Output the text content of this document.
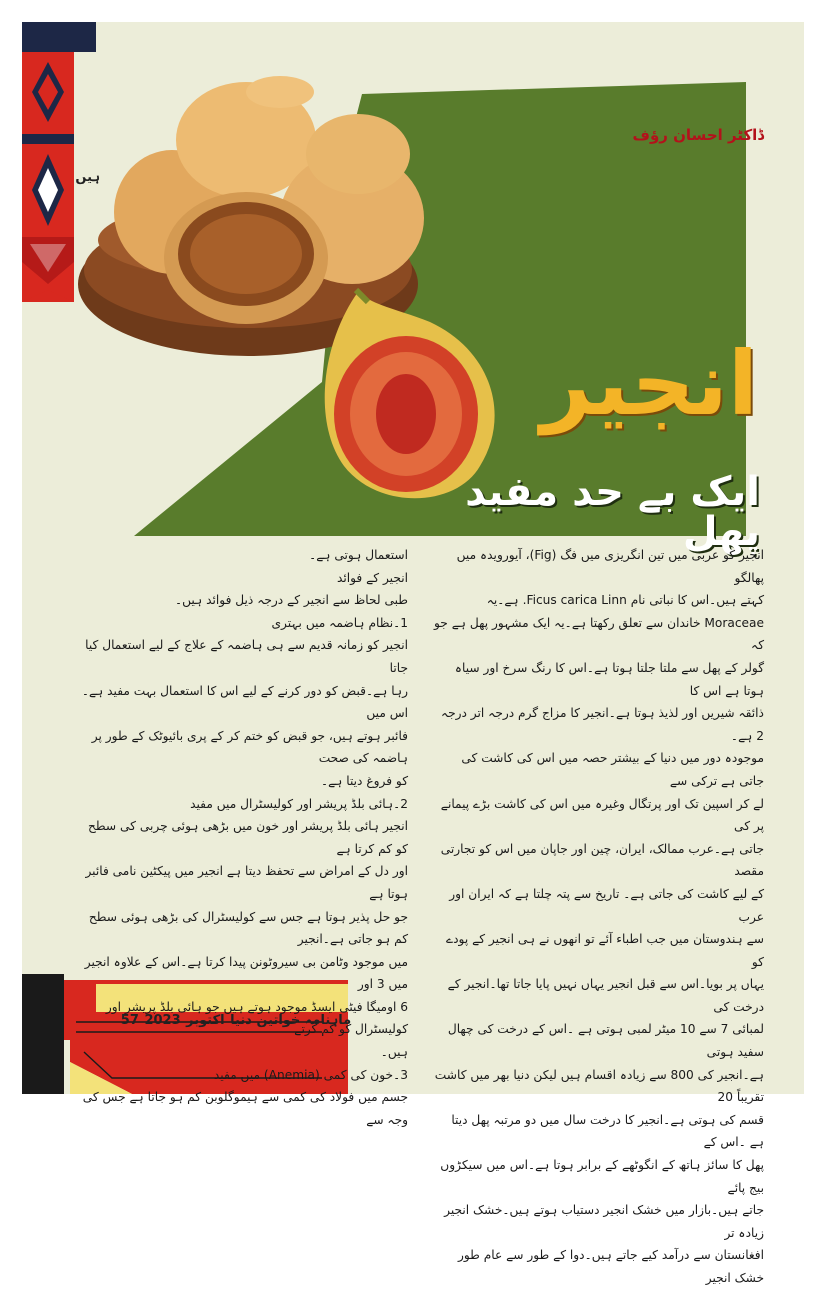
ڈاکٹر احسان رؤف
انجیر
ایک بے حد مفید پھل
ہیں

انجیر کو عربی میں تین انگریزی میں فگ (Fig)، آیورویدہ میں پھالگو

کہتے ہیں۔اس کا نباتی نام Ficus carica Linn. ہے۔یہ

Moraceae خاندان سے تعلق رکھتا ہے۔یہ ایک مشہور پھل ہے جو کہ

گولر کے پھل سے ملتا جلتا ہوتا ہے۔اس کا رنگ سرخ اور سیاہ ہوتا ہے اس کا

ذائقہ شیریں اور لذیذ ہوتا ہے۔انجیر کا مزاج گرم درجہ اتر درجہ 2 ہے۔

موجودہ دور میں دنیا کے بیشتر حصہ میں اس کی کاشت کی جاتی ہے ترکی سے

لے کر اسپین تک اور پرتگال وغیرہ میں اس کی کاشت بڑے پیمانے پر کی

جاتی ہے۔عرب ممالک، ایران، چین اور جاپان میں اس کو تجارتی مقصد

کے لیے کاشت کی جاتی ہے۔ تاریخ سے پتہ چلتا ہے کہ ایران اور عرب

سے ہندوستان میں جب اطباء آئے تو انھوں نے ہی انجیر کے پودے کو

یہاں پر بویا۔اس سے قبل انجیر یہاں نہیں پایا جاتا تھا۔انجیر کے درخت کی

لمبائی 7 سے 10 میٹر لمبی ہوتی ہے ۔اس کے درخت کی چھال سفید ہوتی

ہے۔انجیر کی 800 سے زیادہ اقسام ہیں لیکن دنیا بھر میں کاشت تقریباً 20

قسم کی ہوتی ہے۔انجیر کا درخت سال میں دو مرتبہ پھل دیتا ہے ۔اس کے

پھل کا سائز ہاتھ کے انگوٹھے کے برابر ہوتا ہے۔اس میں سیکڑوں بیج پائے

جاتے ہیں۔بازار میں خشک انجیر دستیاب ہوتے ہیں۔خشک انجیر زیادہ تر

افغانستان سے درآمد کیے جاتے ہیں۔دوا کے طور سے عام طور خشک انجیر

استعمال ہوتی ہے۔

انجیر کے فوائد

طبی لحاظ سے انجیر کے درجہ ذیل فوائد ہیں۔

1۔نظام ہاضمہ میں بہتری

انجیر کو زمانہ قدیم سے ہی ہاضمہ کے علاج کے لیے استعمال کیا جاتا

رہا ہے۔قبض کو دور کرنے کے لیے اس کا استعمال بہت مفید ہے۔اس میں

فائبر ہوتے ہیں، جو قبض کو ختم کر کے پری بائیوٹک کے طور پر ہاضمہ کی صحت

کو فروغ دیتا ہے۔

2۔ہائی بلڈ پریشر اور کولیسٹرال میں مفید

انجیر ہائی بلڈ پریشر اور خون میں بڑھی ہوئی چربی کی سطح کو کم کرتا ہے

اور دل کے امراض سے تحفظ دیتا ہے انجیر میں پیکٹین نامی فائبر ہوتا ہے

جو حل پذیر ہوتا ہے جس سے کولیسٹرال کی بڑھی ہوئی سطح کم ہو جاتی ہے۔انجیر

میں موجود وٹامن بی سیروٹونن پیدا کرتا ہے۔اس کے علاوہ انجیر میں 3 اور

6 اومیگا فیٹی ایسڈ موجود ہوتے ہیں جو ہائی بلڈ پریشر اور کولیسٹرال کو کم کرتے

ہیں۔

3۔خون کی کمی (Anemia) میں مفید

جسم میں فولاد کی کمی سے ہیموگلوبن کم ہو جاتا ہے جس کی وجہ سے

ماہنامہ خواتین دنیا
اکتوبر
2023
57
